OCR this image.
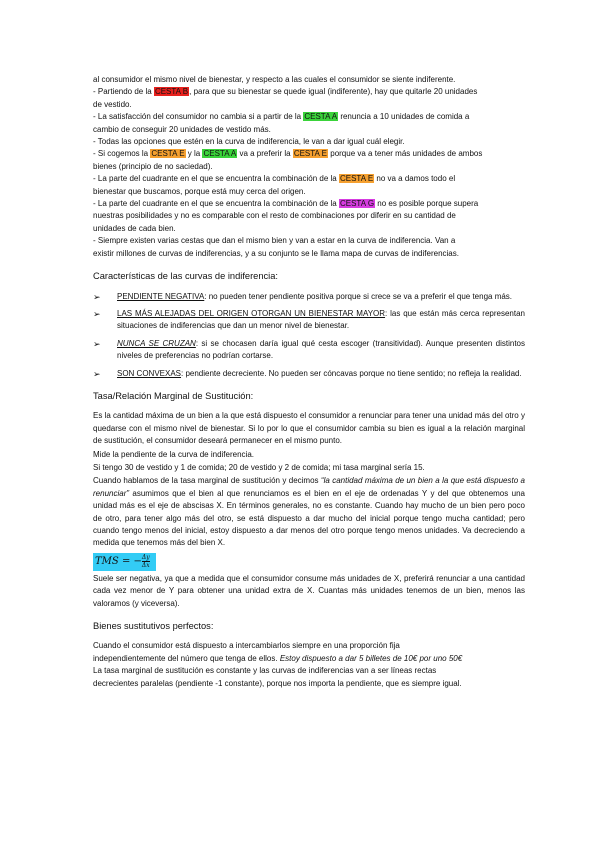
al consumidor el mismo nivel de bienestar, y respecto a las cuales el consumidor se siente indiferente.
- Partiendo de la CESTA B, para que su bienestar se quede igual (indiferente), hay que quitarle 20 unidades
de vestido.
- La satisfacción del consumidor no cambia si a partir de la CESTA A renuncia a 10 unidades de comida a
cambio de conseguir 20 unidades de vestido más.
- Todas las opciones que estén en la curva de indiferencia, le van a dar igual cuál elegir.
- Si cogemos la CESTA E y la CESTA A va a preferir la CESTA E porque va a tener más unidades de ambos
bienes (principio de no saciedad).
- La parte del cuadrante en el que se encuentra la combinación de la CESTA E no va a damos todo el
bienestar que buscamos, porque está muy cerca del origen.
- La parte del cuadrante en el que se encuentra la combinación de la CESTA G no es posible porque supera
nuestras posibilidades y no es comparable con el resto de combinaciones por diferir en su cantidad de
unidades de cada bien.
- Siempre existen varias cestas que dan el mismo bien y van a estar en la curva de indiferencia. Van a
existir millones de curvas de indiferencias, y a su conjunto se le llama mapa de curvas de indiferencias.
Características de las curvas de indiferencia:
➢ PENDIENTE NEGATIVA: no pueden tener pendiente positiva porque si crece se va a preferir el que tenga más.
➢ LAS MÁS ALEJADAS DEL ORIGEN OTORGAN UN BIENESTAR MAYOR: las que están más cerca representan situaciones de indiferencias que dan un menor nivel de bienestar.
➢ NUNCA SE CRUZAN: si se chocasen daría igual qué cesta escoger (transitividad). Aunque presenten distintos niveles de preferencias no podrían cortarse.
➢ SON CONVEXAS: pendiente decreciente. No pueden ser cóncavas porque no tiene sentido; no refleja la realidad.
Tasa/Relación Marginal de Sustitución:
Es la cantidad máxima de un bien a la que está dispuesto el consumidor a renunciar para tener una unidad más del otro y quedarse con el mismo nivel de bienestar. Si lo por lo que el consumidor cambia su bien es igual a la relación marginal de sustitución, el consumidor deseará permanecer en el mismo punto.
Mide la pendiente de la curva de indiferencia.
Si tengo 30 de vestido y 1 de comida; 20 de vestido y 2 de comida; mi tasa marginal sería 15.
Cuando hablamos de la tasa marginal de sustitución y decimos “la cantidad máxima de un bien a la que está dispuesto a renunciar” asumimos que el bien al que renunciamos es el bien en el eje de ordenadas Y y del que obtenemos una unidad más es el eje de abscisas X. En términos generales, no es constante. Cuando hay mucho de un bien pero poco de otro, para tener algo más del otro, se está dispuesto a dar mucho del inicial porque tengo mucha cantidad; pero cuando tengo menos del inicial, estoy dispuesto a dar menos del otro porque tengo menos unidades. Va decreciendo a medida que tenemos más del bien X.
TMS = − $\frac{\Delta y}{\Delta x}$
Suele ser negativa, ya que a medida que el consumidor consume más unidades de X, preferirá renunciar a una cantidad cada vez menor de Y para obtener una unidad extra de X. Cuantas más unidades tenemos de un bien, menos las valoramos (y viceversa).
Bienes sustitutivos perfectos:
Cuando el consumidor está dispuesto a intercambiarlos siempre en una proporción fija
independientemente del número que tenga de ellos. Estoy dispuesto a dar 5 billetes de 10€ por uno 50€
La tasa marginal de sustitución es constante y las curvas de indiferencias van a ser líneas rectas
decrecientes paralelas (pendiente -1 constante), porque nos importa la pendiente, que es siempre igual.
